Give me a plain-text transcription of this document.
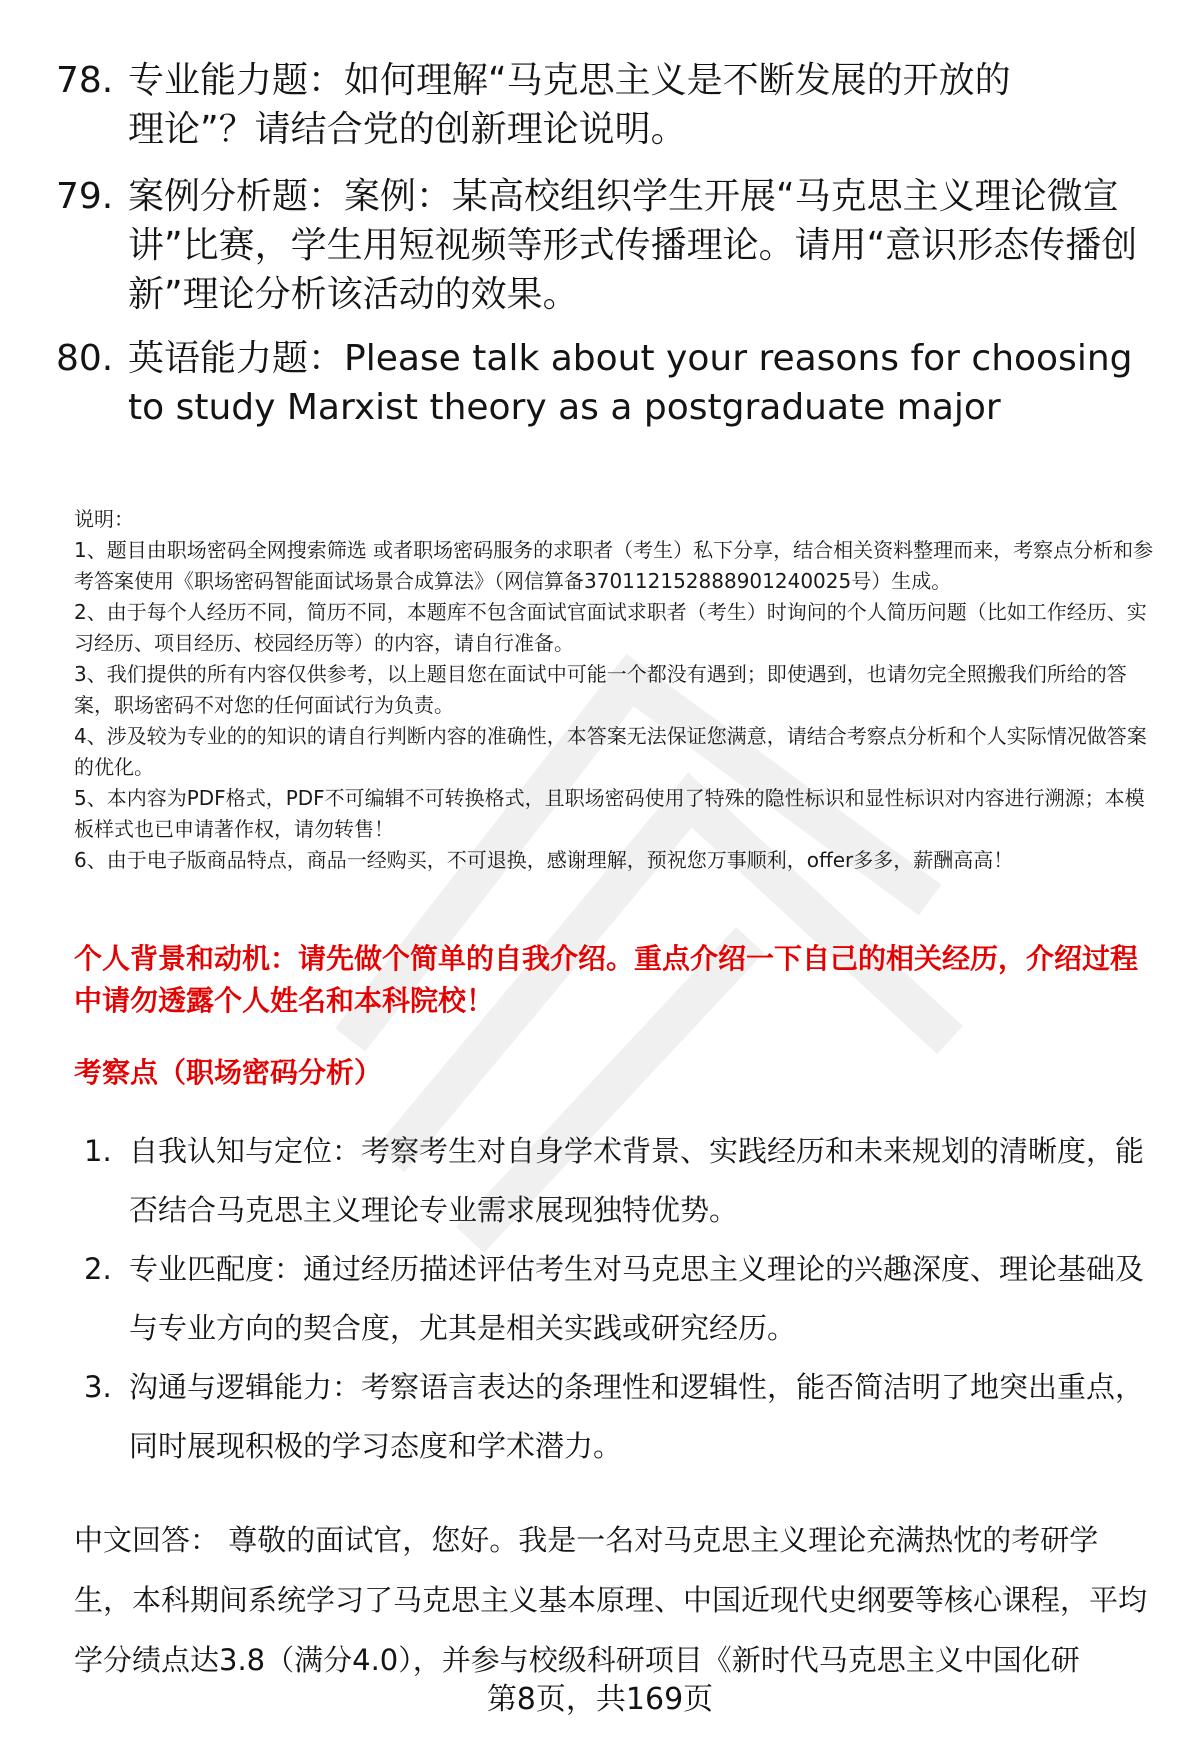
78. 专业能力题：如何理解“马克思主义是不断发展的开放的理论”？请结合党的创新理论说明。
79. 案例分析题：案例：某高校组织学生开展“马克思主义理论微宣讲”比赛，学生用短视频等形式传播理论。请用“意识形态传播创新”理论分析该活动的效果。
80. 英语能力题：Please talk about your reasons for choosing to study Marxist theory as a postgraduate major

说明：

1、题目由职场密码全网搜索筛选 或者职场密码服务的求职者（考生）私下分享，结合相关资料整理而来，考察点分析和参考答案使用《职场密码智能面试场景合成算法》（网信算备370112152888901240025号）生成。

2、由于每个人经历不同，简历不同，本题库不包含面试官面试求职者（考生）时询问的个人简历问题（比如工作经历、实习经历、项目经历、校园经历等）的内容，请自行准备。

3、我们提供的所有内容仅供参考，以上题目您在面试中可能一个都没有遇到；即使遇到，也请勿完全照搬我们所给的答案，职场密码不对您的任何面试行为负责。

4、涉及较为专业的的知识的请自行判断内容的准确性，本答案无法保证您满意，请结合考察点分析和个人实际情况做答案的优化。

5、本内容为PDF格式，PDF不可编辑不可转换格式，且职场密码使用了特殊的隐性标识和显性标识对内容进行溯源；本模板样式也已申请著作权，请勿转售！

6、由于电子版商品特点，商品一经购买，不可退换，感谢理解，预祝您万事顺利，offer多多，薪酬高高！

个人背景和动机：请先做个简单的自我介绍。重点介绍一下自己的相关经历，介绍过程中请勿透露个人姓名和本科院校！
考察点（职场密码分析）
1. 自我认知与定位：考察考生对自身学术背景、实践经历和未来规划的清晰度，能否结合马克思主义理论专业需求展现独特优势。
2. 专业匹配度：通过经历描述评估考生对马克思主义理论的兴趣深度、理论基础及与专业方向的契合度，尤其是相关实践或研究经历。
3. 沟通与逻辑能力：考察语言表达的条理性和逻辑性，能否简洁明了地突出重点，同时展现积极的学习态度和学术潜力。
中文回答： 尊敬的面试官，您好。我是一名对马克思主义理论充满热忱的考研学生，本科期间系统学习了马克思主义基本原理、中国近现代史纲要等核心课程，平均学分绩点达3.8（满分4.0），并参与校级科研项目《新时代马克思主义中国化研
第8页，共169页
